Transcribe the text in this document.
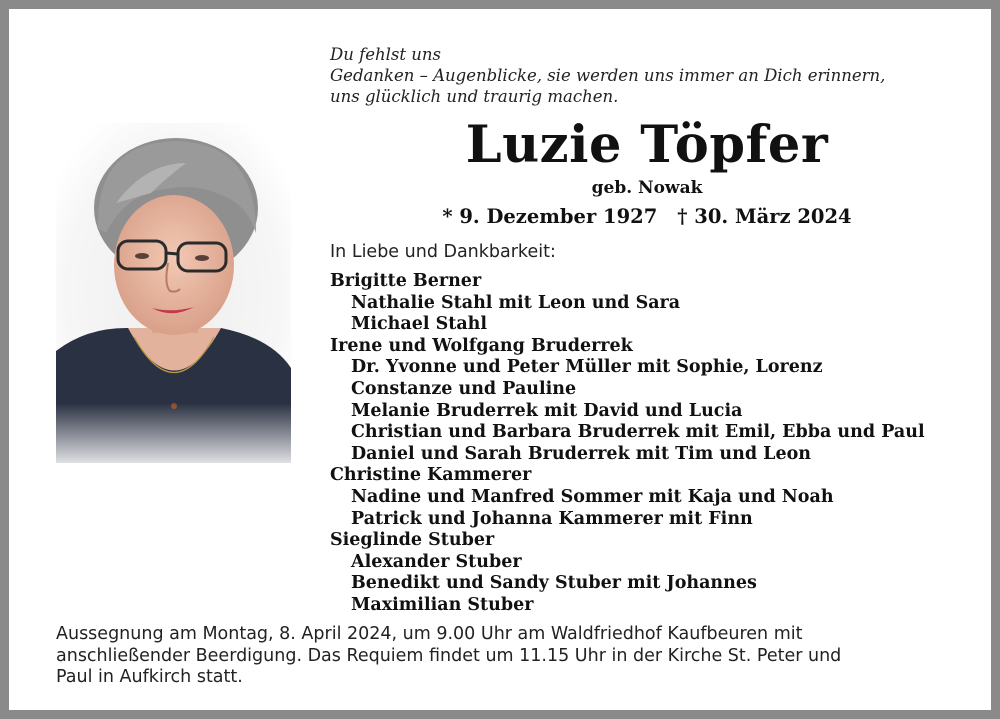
Du fehlst uns
Gedanken – Augenblicke, sie werden uns immer an Dich erinnern,
uns glücklich und traurig machen.
Luzie Töpfer
geb. Nowak
* 9. Dezember 1927 † 30. März 2024
In Liebe und Dankbarkeit:
Brigitte Berner
Nathalie Stahl mit Leon und Sara
Michael Stahl
Irene und Wolfgang Bruderrek
Dr. Yvonne und Peter Müller mit Sophie, Lorenz
Constanze und Pauline
Melanie Bruderrek mit David und Lucia
Christian und Barbara Bruderrek mit Emil, Ebba und Paul
Daniel und Sarah Bruderrek mit Tim und Leon
Christine Kammerer
Nadine und Manfred Sommer mit Kaja und Noah
Patrick und Johanna Kammerer mit Finn
Sieglinde Stuber
Alexander Stuber
Benedikt und Sandy Stuber mit Johannes
Maximilian Stuber
Aussegnung am Montag, 8. April 2024, um 9.00 Uhr am Waldfriedhof Kaufbeuren mit
anschließender Beerdigung. Das Requiem findet um 11.15 Uhr in der Kirche St. Peter und
Paul in Aufkirch statt.
